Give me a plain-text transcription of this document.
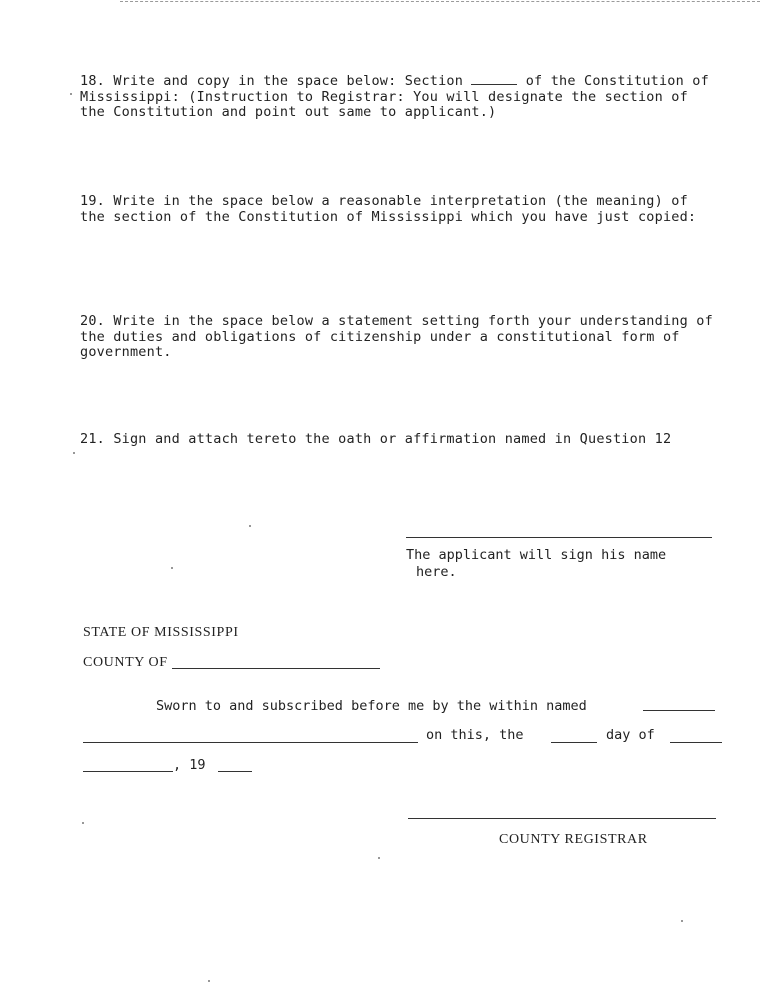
18. Write and copy in the space below: Section	of the Constitution of Mississippi: (Instruction to Registrar: You will designate the section of the Constitution and point out same to applicant.)
19. Write in the space below a reasonable interpretation (the meaning) of the section of the Constitution of Mississippi which you have just copied:
20. Write in the space below a statement setting forth your understanding of the duties and obligations of citizenship under a constitutional form of government.
21. Sign and attach tereto the oath or affirmation named in Question 12
The applicant will sign his name
here.
STATE OF MISSISSIPPI
COUNTY OF
Sworn to and subscribed before me by the within named
on this, the	day of
, 19
COUNTY REGISTRAR
